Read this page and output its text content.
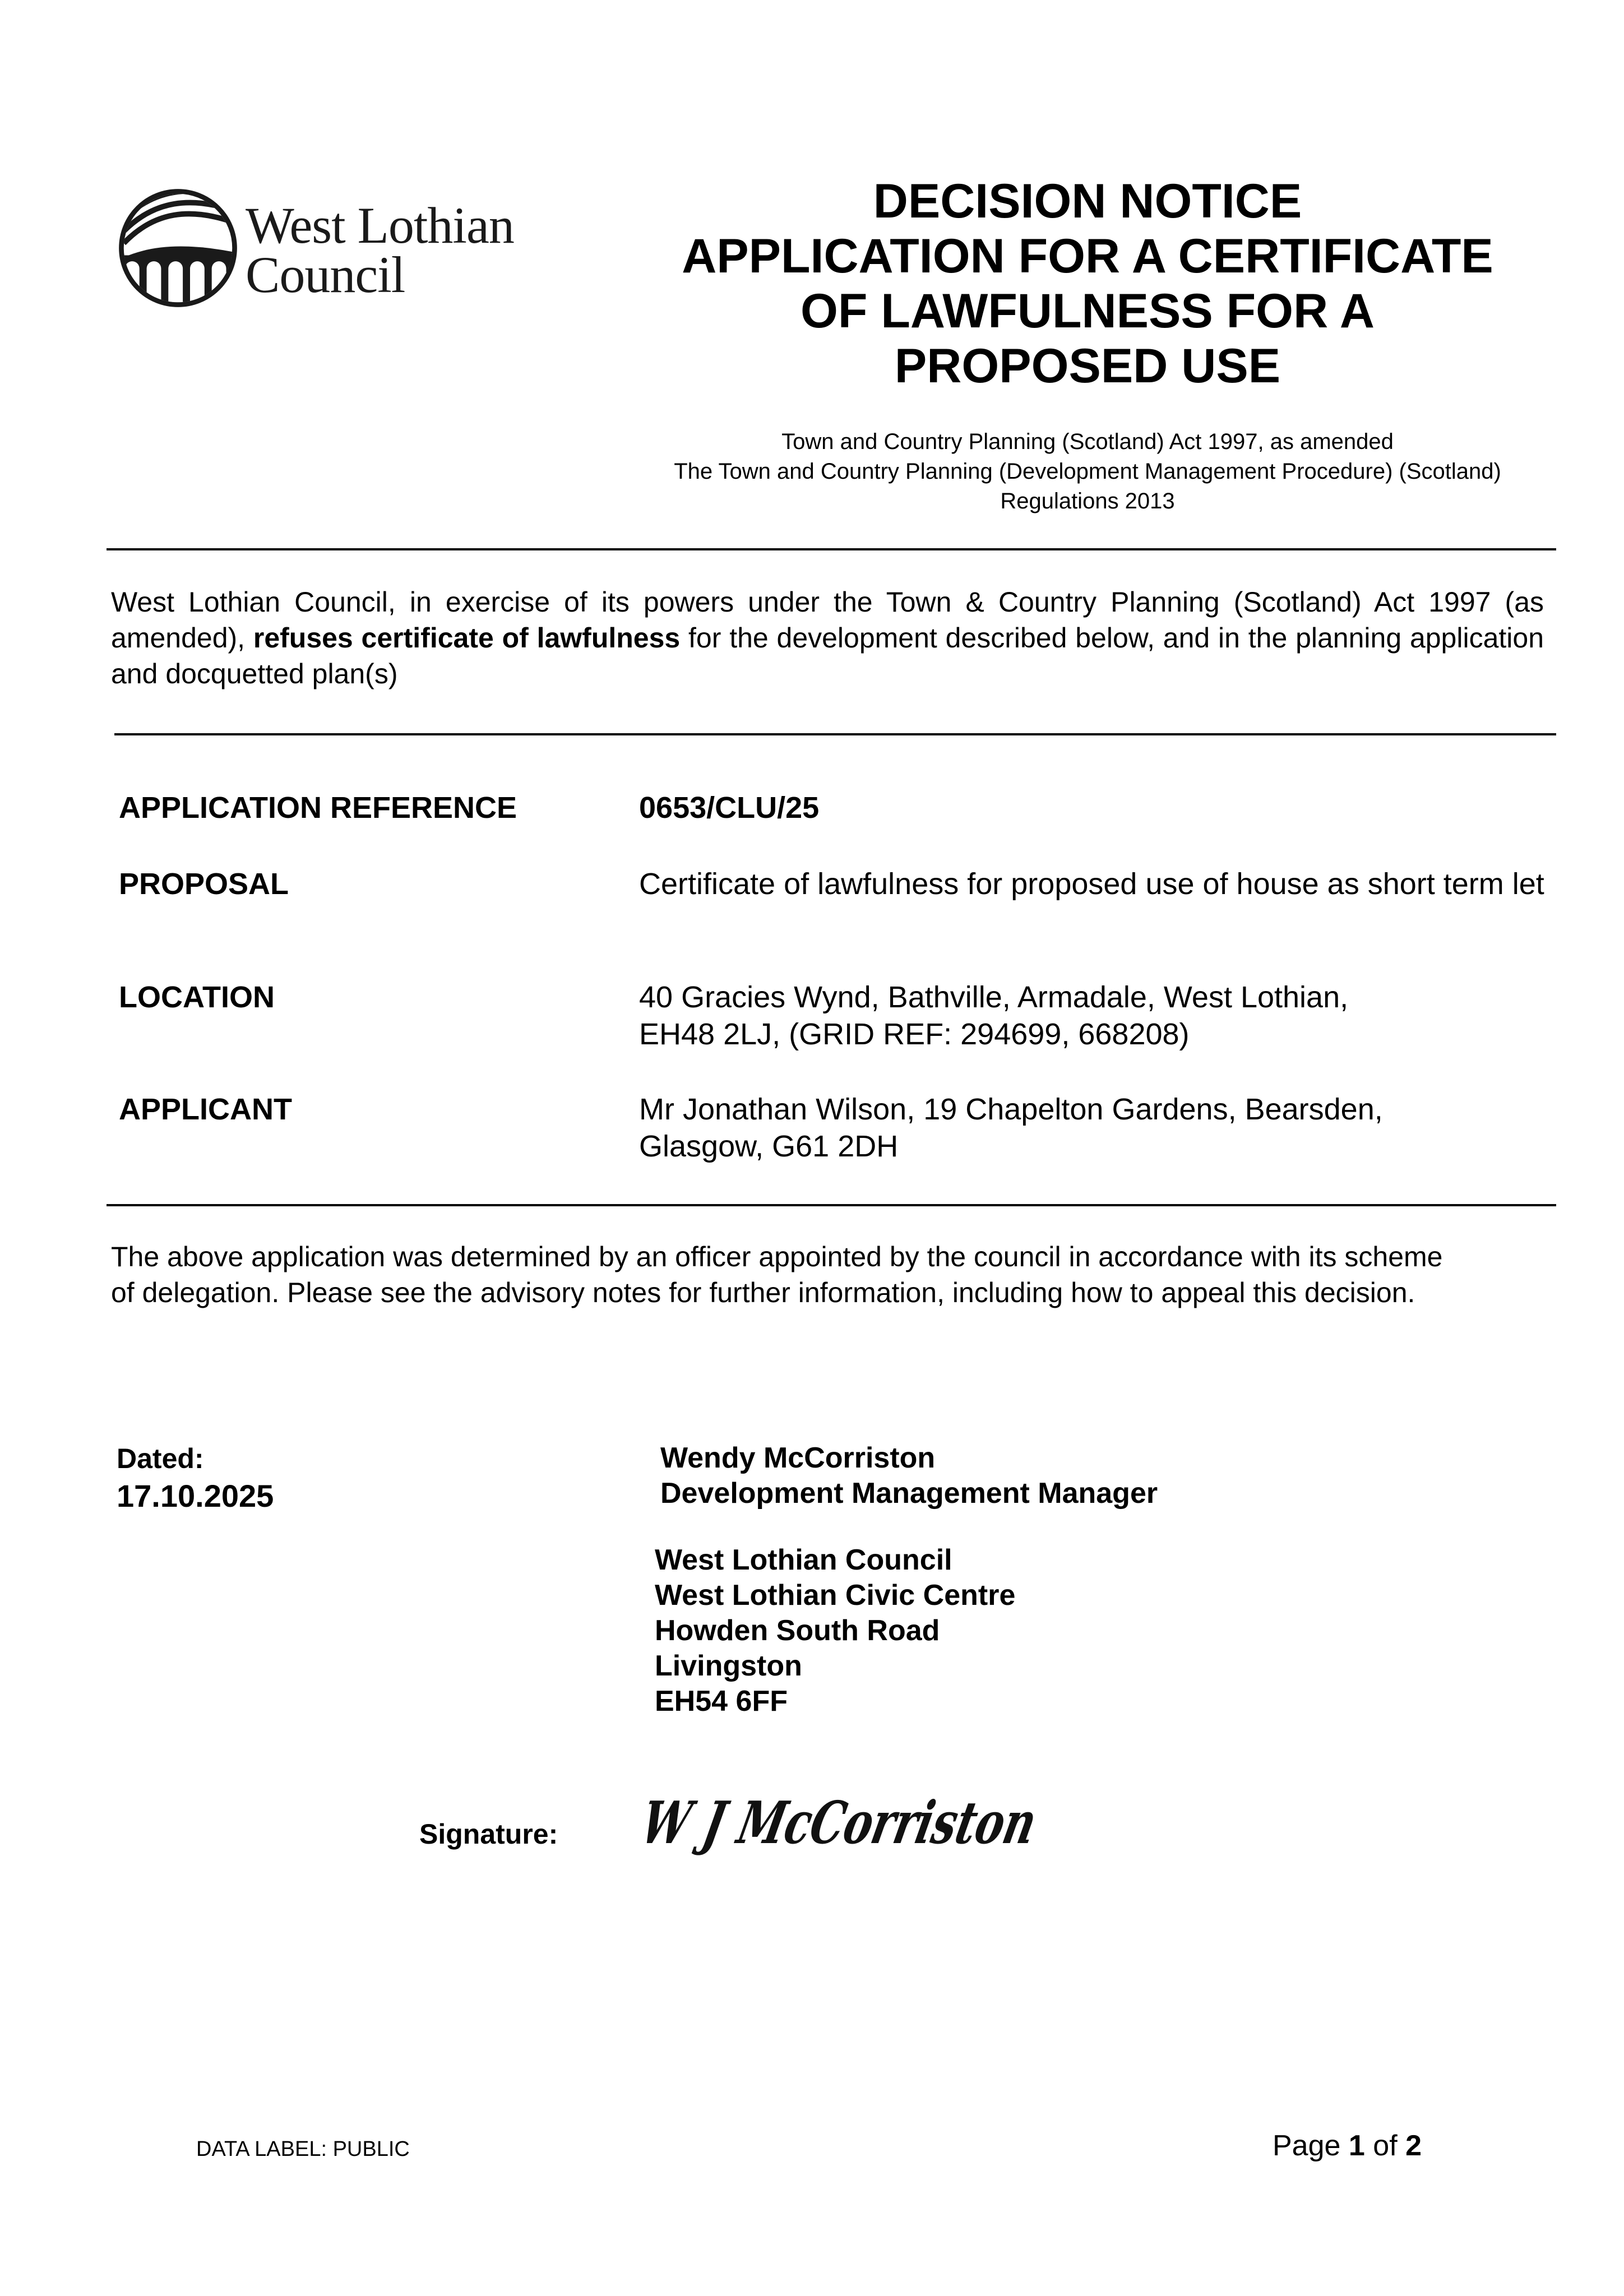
West Lothian
Council
DECISION NOTICE
APPLICATION FOR A CERTIFICATE
OF LAWFULNESS FOR A
PROPOSED USE
Town and Country Planning (Scotland) Act 1997, as amended
The Town and Country Planning (Development Management Procedure) (Scotland)
Regulations 2013
West Lothian Council, in exercise of its powers under the Town & Country Planning (Scotland) Act 1997 (as amended), refuses certificate of lawfulness for the development described below, and in the planning application and docquetted plan(s)
APPLICATION REFERENCE	0653/CLU/25
PROPOSAL	Certificate of lawfulness for proposed use of house as short term let
LOCATION	40 Gracies Wynd, Bathville, Armadale, West Lothian,
EH48 2LJ, (GRID REF: 294699, 668208)
APPLICANT	Mr Jonathan Wilson, 19 Chapelton Gardens, Bearsden,
Glasgow, G61 2DH
The above application was determined by an officer appointed by the council in accordance with its scheme
of delegation. Please see the advisory notes for further information, including how to appeal this decision.
Dated:
17.10.2025
Wendy McCorriston
Development Management Manager
West Lothian Council
West Lothian Civic Centre
Howden South Road
Livingston
EH54 6FF
Signature: W J McCorriston
DATA LABEL: PUBLIC	Page 1 of 2
